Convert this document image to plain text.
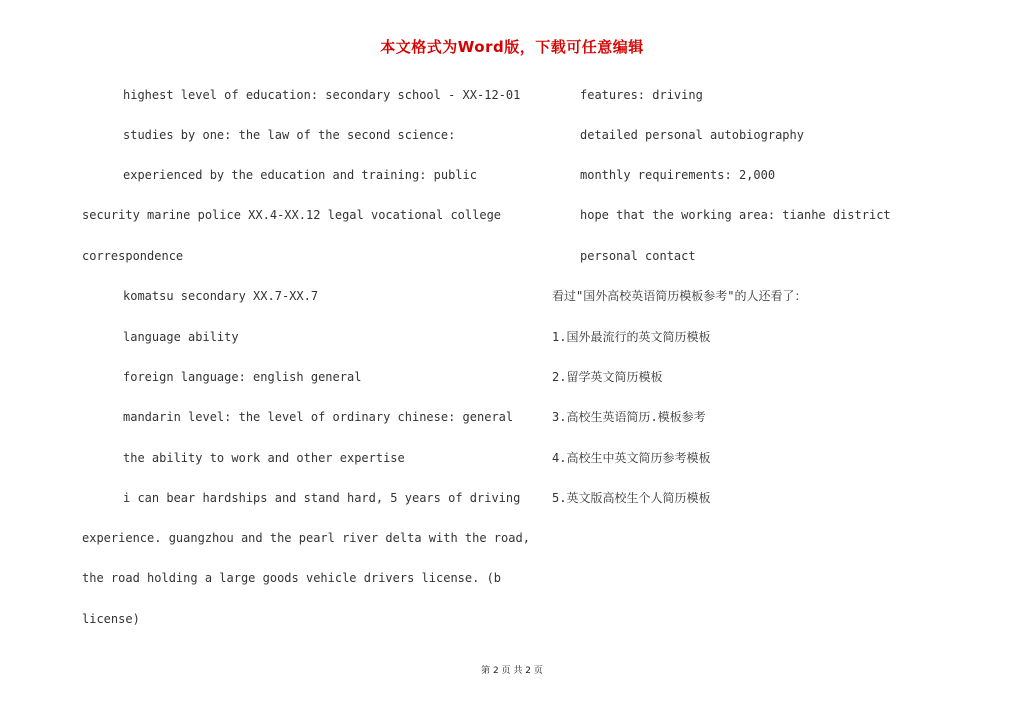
本文格式为Word版，下载可任意编辑
highest level of education: secondary school - XX-12-01
studies by one: the law of the second science:
experienced by the education and training: public
security marine police XX.4-XX.12 legal vocational college
correspondence
komatsu secondary XX.7-XX.7
language ability
foreign language: english general
mandarin level: the level of ordinary chinese: general
the ability to work and other expertise
i can bear hardships and stand hard, 5 years of driving
experience. guangzhou and the pearl river delta with the road,
the road holding a large goods vehicle drivers license. (b
license)
features: driving
detailed personal autobiography
monthly requirements: 2,000
hope that the working area: tianhe district
personal contact
看过"国外高校英语简历模板参考"的人还看了：
1.国外最流行的英文简历模板
2.留学英文简历模板
3.高校生英语简历.模板参考
4.高校生中英文简历参考模板
5.英文版高校生个人简历模板
第 2 页 共 2 页
